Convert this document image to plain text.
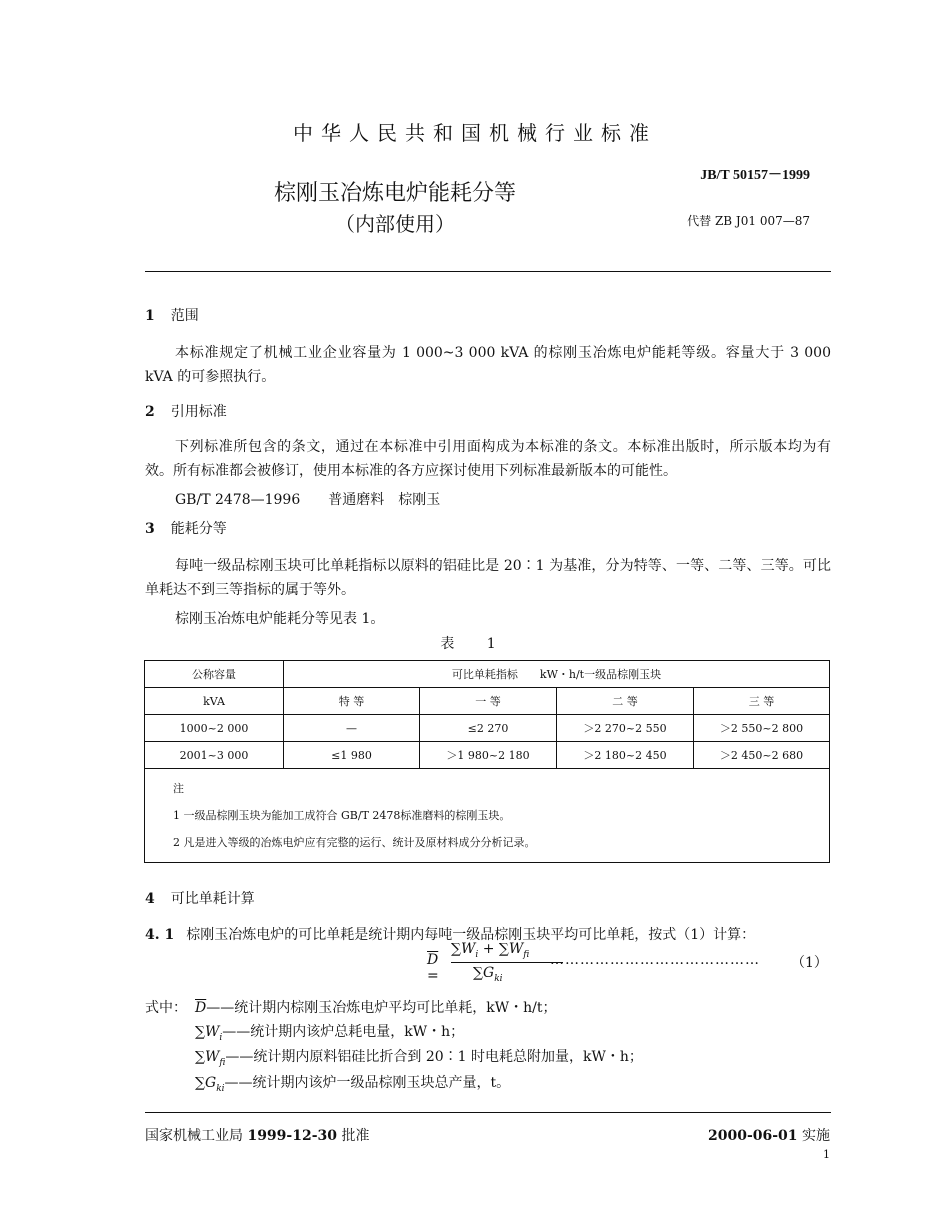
中华人民共和国机械行业标准
JB/T 50157－1999
棕刚玉冶炼电炉能耗分等
（内部使用）	代替 ZB J01 007—87
1 范围
本标准规定了机械工业企业容量为 1 000~3 000 kVA 的棕刚玉冶炼电炉能耗等级。容量大于 3 000 kVA 的可参照执行。
2 引用标准
下列标准所包含的条文，通过在本标准中引用面构成为本标准的条文。本标准出版时，所示版本均为有效。所有标准都会被修订，使用本标准的各方应探讨使用下列标准最新版本的可能性。
GB/T 2478—1996　　普通磨料　棕刚玉
3 能耗分等
每吨一级品棕刚玉块可比单耗指标以原料的铝硅比是 20∶1 为基准，分为特等、一等、二等、三等。可比单耗达不到三等指标的属于等外。
棕刚玉冶炼电炉能耗分等见表 1。
表 1
公称容量	可比单耗指标　　kW・h/t一级品棕刚玉块			
kVA	特 等	一 等	二 等	三 等
1000~2 000	—	≤2 270	＞2 270~2 550	＞2 550~2 800
2001~3 000	≤1 980	＞1 980~2 180	＞2 180~2 450	＞2 450~2 680

注
1 一级品棕刚玉块为能加工成符合 GB/T 2478标准磨料的棕刚玉块。
2 凡是进入等级的冶炼电炉应有完整的运行、统计及原材料成分分析记录。				
4 可比单耗计算
4. 1 棕刚玉冶炼电炉的可比单耗是统计期内每吨一级品棕刚玉块平均可比单耗，按式（1）计算：
$\overline{D}$ =
$\sum W_i + \sum W_{fi}$
$\sum G_{ki}$
…………………………………… （1）
式中： $\overline{D}——$统计期内棕刚玉冶炼电炉平均可比单耗，kW・h/t；
$\sum W_i——$统计期内该炉总耗电量，kW・h；
$\sum W_{fi}——$统计期内原料铝硅比折合到 20∶1 时电耗总附加量，kW・h；
$\sum G_{ki}——$统计期内该炉一级品棕刚玉块总产量，t。
国家机械工业局 1999-12-30 批准	2000-06-01 实施
1
